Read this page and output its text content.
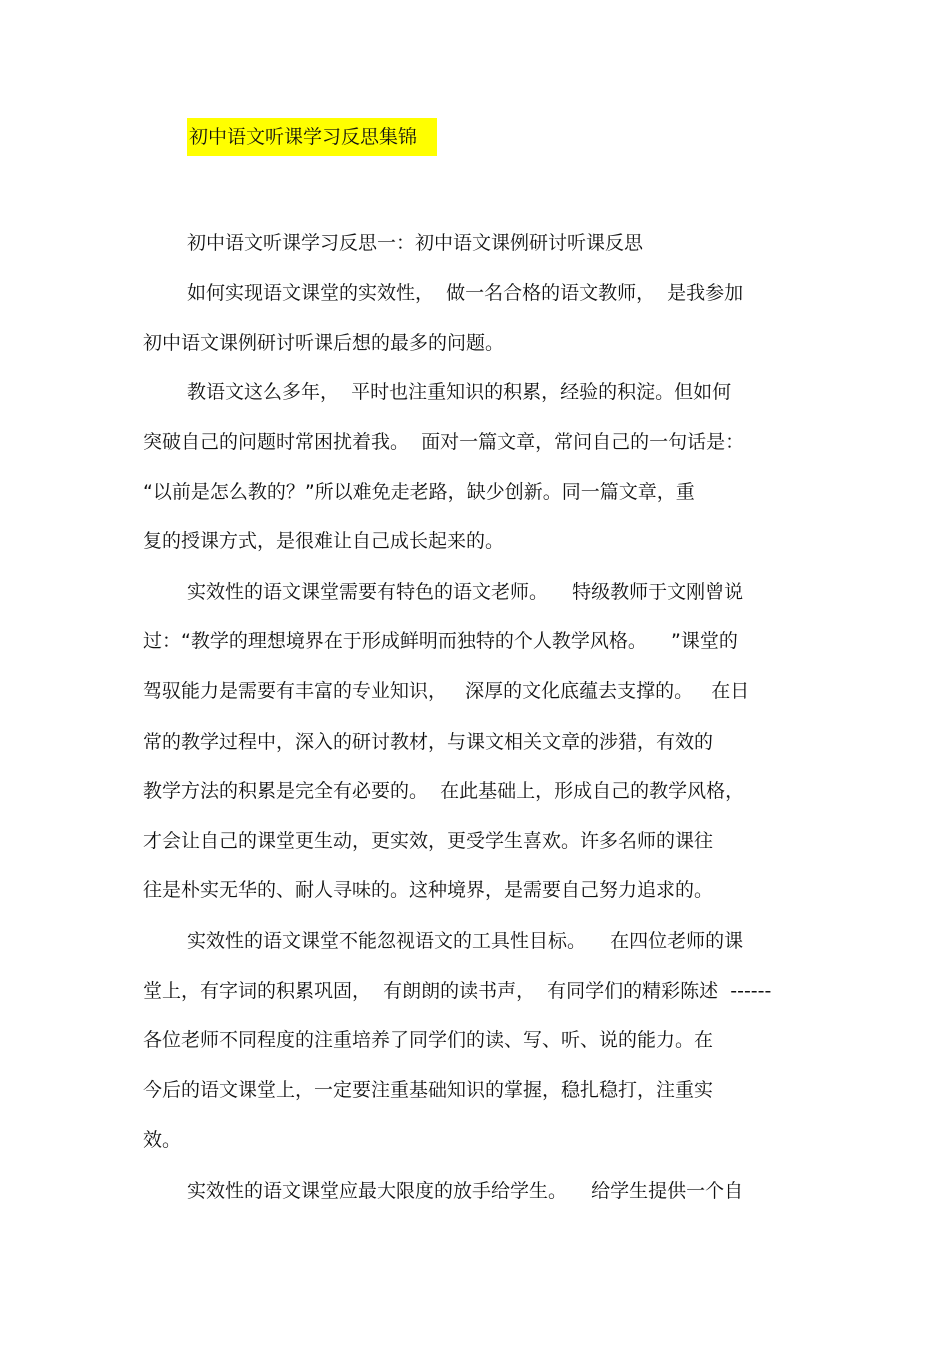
初中语文听课学习反思集锦
初中语文听课学习反思一：初中语文课例研讨听课反思
如何实现语文课堂的实效性，  做一名合格的语文教师，  是我参加
初中语文课例研讨听课后想的最多的问题。
教语文这么多年，  平时也注重知识的积累，经验的积淀。但如何
突破自己的问题时常困扰着我。  面对一篇文章，常问自己的一句话是：
“以前是怎么教的？”所以难免走老路，缺少创新。同一篇文章，重
复的授课方式，是很难让自己成长起来的。
实效性的语文课堂需要有特色的语文老师。    特级教师于文刚曾说
过：“教学的理想境界在于形成鲜明而独特的个人教学风格。    ”课堂的
驾驭能力是需要有丰富的专业知识，   深厚的文化底蕴去支撑的。   在日
常的教学过程中，深入的研讨教材，与课文相关文章的涉猎，有效的
教学方法的积累是完全有必要的。  在此基础上，形成自己的教学风格，
才会让自己的课堂更生动，更实效，更受学生喜欢。许多名师的课往
往是朴实无华的、耐人寻味的。这种境界，是需要自己努力追求的。
实效性的语文课堂不能忽视语文的工具性目标。    在四位老师的课
堂上，有字词的积累巩固，  有朗朗的读书声，  有同学们的精彩陈述  ------
各位老师不同程度的注重培养了同学们的读、写、听、说的能力。在
今后的语文课堂上，一定要注重基础知识的掌握，稳扎稳打，注重实
效。
实效性的语文课堂应最大限度的放手给学生。    给学生提供一个自
